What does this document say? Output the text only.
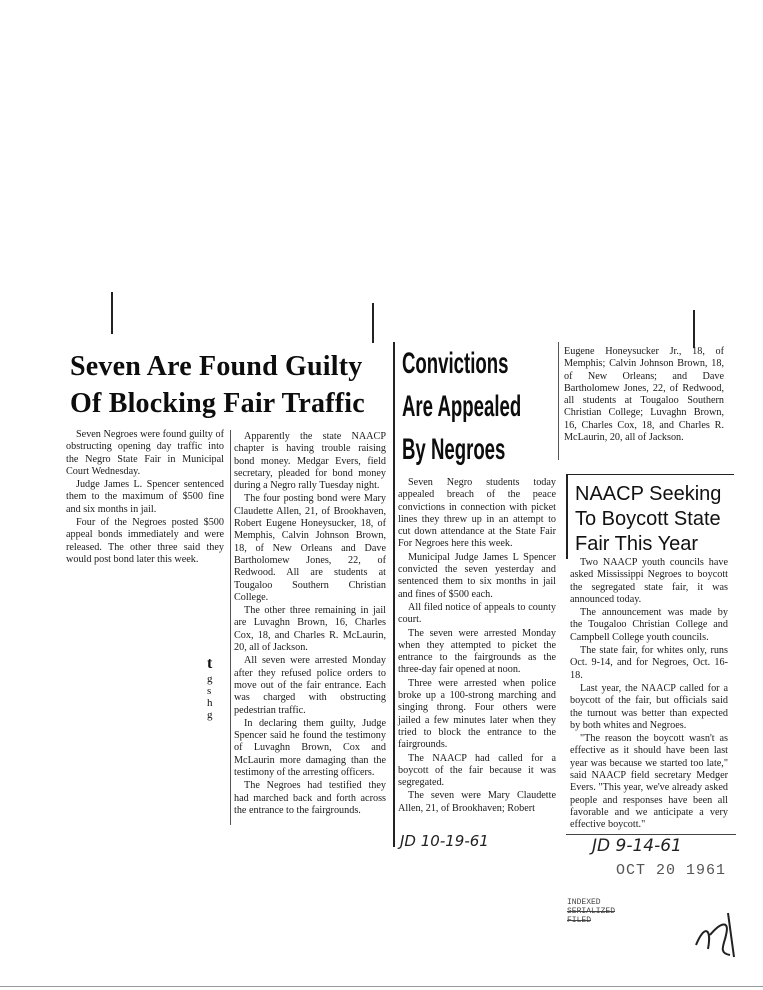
Seven Are Found Guilty
Of Blocking Fair Traffic

Seven Negroes were found guilty of obstructing opening day traffic into the Negro State Fair in Municipal Court Wednesday.

Judge James L. Spencer sentenced them to the maximum of $500 fine and six months in jail.

Four of the Negroes posted $500 appeal bonds immediately and were released. The other three said they would post bond later this week.

Apparently the state NAACP chapter is having trouble raising bond money. Medgar Evers, field secretary, pleaded for bond money during a Negro rally Tuesday night.

The four posting bond were Mary Claudette Allen, 21, of Brookhaven, Robert Eugene Honeysucker, 18, of Memphis, Calvin Johnson Brown, 18, of New Orleans and Dave Bartholomew Jones, 22, of Redwood. All are students at Tougaloo Southern Christian College.

The other three remaining in jail are Luvaghn Brown, 16, Charles Cox, 18, and Charles R. McLaurin, 20, all of Jackson.

All seven were arrested Monday after they refused police orders to move out of the fair entrance. Each was charged with obstructing pedestrian traffic.

In declaring them guilty, Judge Spencer said he found the testimony of Luvaghn Brown, Cox and McLaurin more damaging than the testimony of the arresting officers.

The Negroes had testified they had marched back and forth across the entrance to the fairgrounds.

t
g
s
h
g
Convictions
Are Appealed
By Negroes

Seven Negro students today appealed breach of the peace convictions in connection with picket lines they threw up in an attempt to cut down attendance at the State Fair For Negroes here this week.

Municipal Judge James L Spencer convicted the seven yesterday and sentenced them to six months in jail and fines of $500 each.

All filed notice of appeals to county court.

The seven were arrested Monday when they attempted to picket the entrance to the fairgrounds as the three-day fair opened at noon.

Three were arrested when police broke up a 100-strong marching and singing throng. Four others were jailed a few minutes later when they tried to block the entrance to the fairgrounds.

The NAACP had called for a boycott of the fair because it was segregated.

The seven were Mary Claudette Allen, 21, of Brookhaven; Robert

JD 10-19-61

Eugene Honeysucker Jr., 18, of Memphis; Calvin Johnson Brown, 18, of New Orleans; and Dave Bartholomew Jones, 22, of Redwood, all students at Tougaloo Southern Christian College; Luvaghn Brown, 16, Charles Cox, 18, and Charles R. McLaurin, 20, all of Jackson.

NAACP Seeking
To Boycott State
Fair This Year

Two NAACP youth councils have asked Mississippi Negroes to boycott the segregated state fair, it was announced today.

The announcement was made by the Tougaloo Christian College and Campbell College youth councils.

The state fair, for whites only, runs Oct. 9-14, and for Negroes, Oct. 16-18.

Last year, the NAACP called for a boycott of the fair, but officials said the turnout was better than expected by both whites and Negroes.

"The reason the boycott wasn't as effective as it should have been last year was because we started too late," said NAACP field secretary Medger Evers. "This year, we've already asked people and responses have been all favorable and we anticipate a very effective boycott."

JD 9-14-61
OCT 20 1961
INDEXED
SERIALIZED
FILED
